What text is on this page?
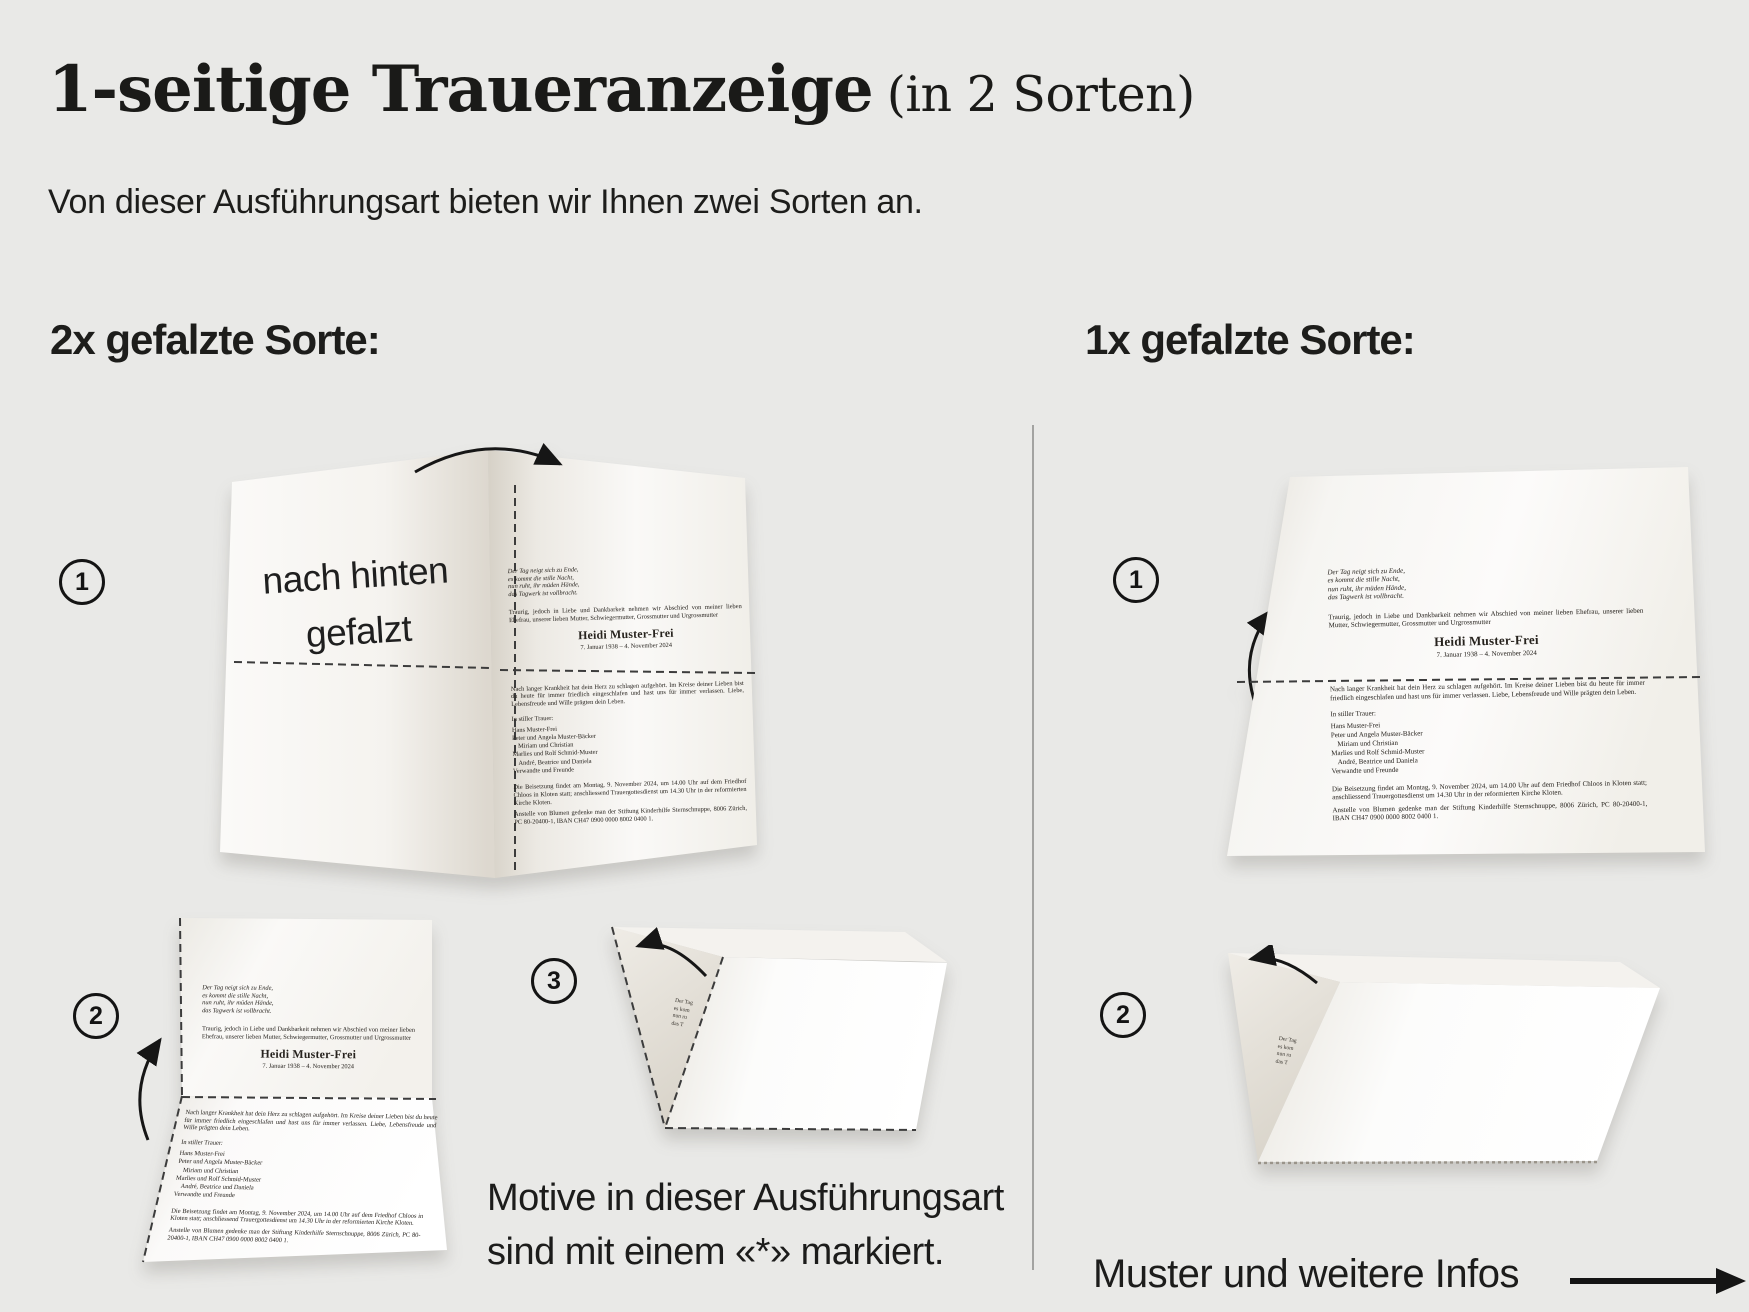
1-seitige Traueranzeige (in 2 Sorten)

Von dieser Ausführungsart bieten wir Ihnen zwei Sorten an.

2x gefalzte Sorte:	1x gefalzte Sorte:
1	nach hinten
gefalzt
Der Tag neigt sich zu Ende,
es kommt die stille Nacht,
nun ruht, ihr müden Hände,
das Tagwerk ist vollbracht.
Traurig, jedoch in Liebe und Dankbarkeit nehmen wir Abschied von meiner lieben Ehefrau, unserer lieben Mutter, Schwiegermutter, Grossmutter und Urgrossmutter
Heidi Muster-Frei
7. Januar 1938 – 4. November 2024
Nach langer Krankheit hat dein Herz zu schlagen aufgehört. Im Kreise deiner Lieben bist du heute für immer friedlich eingeschlafen und hast uns für immer verlassen. Liebe, Lebensfreude und Wille prägten dein Leben.
In stiller Trauer:
Hans Muster-Frei
Peter und Angela Muster-Bäcker
Miriam und Christian
Marlies und Rolf Schmid-Muster
André, Beatrice und Daniela
Verwandte und Freunde
Die Beisetzung findet am Montag, 9. November 2024, um 14.00 Uhr auf dem Friedhof Chloos in Kloten statt; anschliessend Trauergottesdienst um 14.30 Uhr in der reformierten Kirche Kloten.
Anstelle von Blumen gedenke man der Stiftung Kinderhilfe Sternschnuppe, 8006 Zürich, PC 80-20400-1, IBAN CH47 0900 0000 8002 0400 1.
2
Der Tag neigt sich zu Ende,
es kommt die stille Nacht,
nun ruht, ihr müden Hände,
das Tagwerk ist vollbracht.
Traurig, jedoch in Liebe und Dankbarkeit nehmen wir Abschied von meiner lieben Ehefrau, unserer lieben Mutter, Schwiegermutter, Grossmutter und Urgrossmutter
Heidi Muster-Frei
7. Januar 1938 – 4. November 2024
Nach langer Krankheit hat dein Herz zu schlagen aufgehört. Im Kreise deiner Lieben bist du heute für immer friedlich eingeschlafen und hast uns für immer verlassen. Liebe, Lebensfreude und Wille prägten dein Leben.
In stiller Trauer:
Hans Muster-Frei
Peter und Angela Muster-Bäcker
Miriam und Christian
Marlies und Rolf Schmid-Muster
André, Beatrice und Daniela
Verwandte und Freunde
Die Beisetzung findet am Montag, 9. November 2024, um 14.00 Uhr auf dem Friedhof Chloos in Kloten statt; anschliessend Trauergottesdienst um 14.30 Uhr in der reformierten Kirche Kloten.
Anstelle von Blumen gedenke man der Stiftung Kinderhilfe Sternschnuppe, 8006 Zürich, PC 80-20400-1, IBAN CH47 0900 0000 8002 0400 1.
3
Der Tag
es kom
nun ru
das T
Motive in dieser Ausführungsart
sind mit einem «*» markiert.
1	Der Tag neigt sich zu Ende,
es kommt die stille Nacht,
nun ruht, ihr müden Hände,
das Tagwerk ist vollbracht.
Traurig, jedoch in Liebe und Dankbarkeit nehmen wir Abschied von meiner lieben Ehefrau, unserer lieben Mutter, Schwiegermutter, Grossmutter und Urgrossmutter
Heidi Muster-Frei
7. Januar 1938 – 4. November 2024
Nach langer Krankheit hat dein Herz zu schlagen aufgehört. Im Kreise deiner Lieben bist du heute für immer friedlich eingeschlafen und hast uns für immer verlassen. Liebe, Lebensfreude und Wille prägten dein Leben.
In stiller Trauer:
Hans Muster-Frei
Peter und Angela Muster-Bäcker
Miriam und Christian
Marlies und Rolf Schmid-Muster
André, Beatrice und Daniela
Verwandte und Freunde
Die Beisetzung findet am Montag, 9. November 2024, um 14.00 Uhr auf dem Friedhof Chloos in Kloten statt; anschliessend Trauergottesdienst um 14.30 Uhr in der reformierten Kirche Kloten.
Anstelle von Blumen gedenke man der Stiftung Kinderhilfe Sternschnuppe, 8006 Zürich, PC 80-20400-1, IBAN CH47 0900 0000 8002 0400 1.
2
Der Tag
es kom
nun ru
das T
Muster und weitere Infos
